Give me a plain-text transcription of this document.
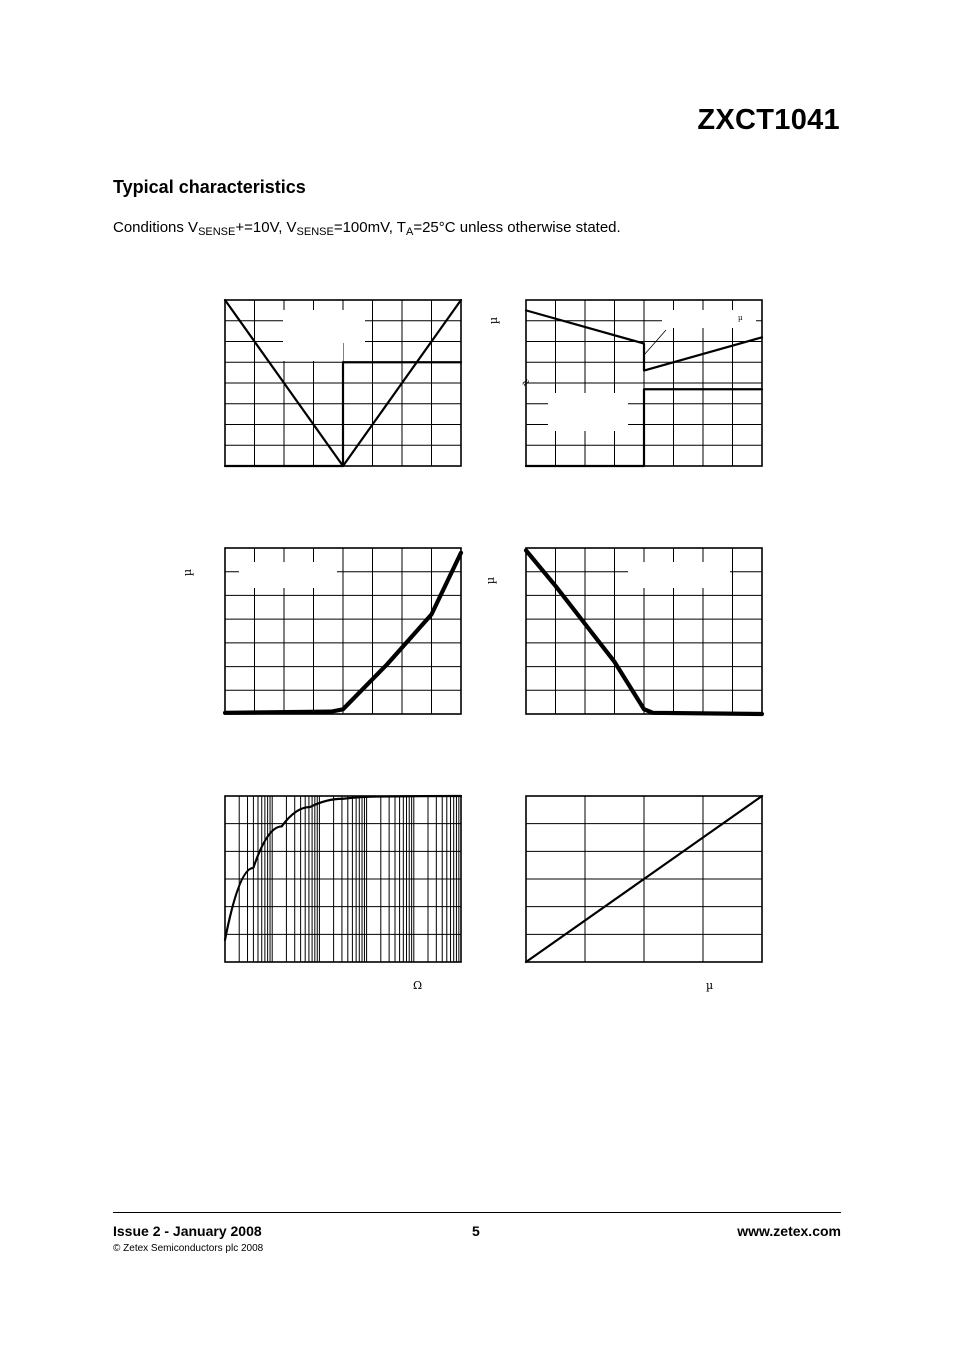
ZXCT1041
Typical characteristics
Conditions $V_{SENSE}+=10V$, $V_{SENSE}=100mV$, $T_A=25^\circ C$ unless otherwise stated.
µ	µ
≈
µ
µ
Ω	µ
Issue 2 - January 2008
© Zetex Semiconductors plc 2008
5	www.zetex.com
